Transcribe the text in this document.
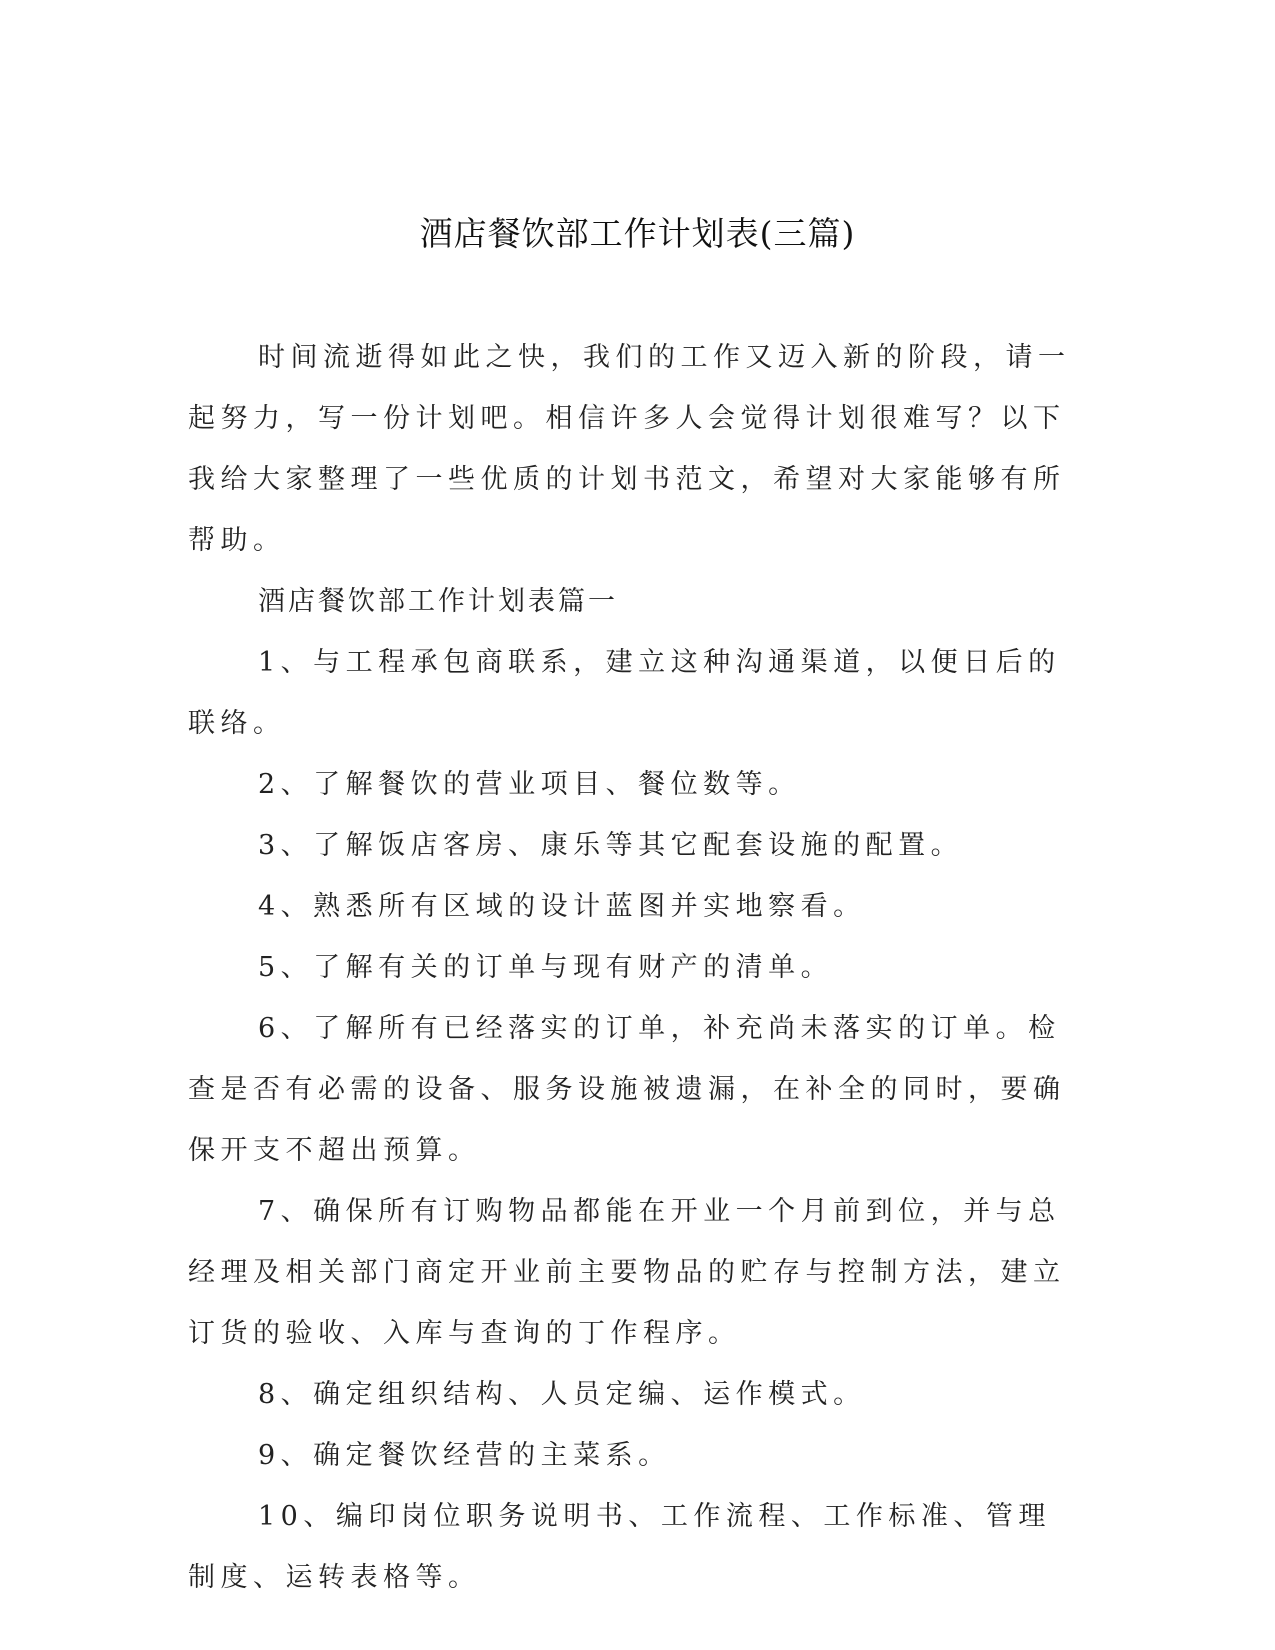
酒店餐饮部工作计划表(三篇)

时间流逝得如此之快，我们的工作又迈入新的阶段，请一起努力，写一份计划吧。相信许多人会觉得计划很难写？以下我给大家整理了一些优质的计划书范文，希望对大家能够有所帮助。

酒店餐饮部工作计划表篇一

1、与工程承包商联系，建立这种沟通渠道，以便日后的联络。

2、了解餐饮的营业项目、餐位数等。

3、了解饭店客房、康乐等其它配套设施的配置。

4、熟悉所有区域的设计蓝图并实地察看。

5、了解有关的订单与现有财产的清单。

6、了解所有已经落实的订单，补充尚未落实的订单。检查是否有必需的设备、服务设施被遗漏，在补全的同时，要确保开支不超出预算。

7、确保所有订购物品都能在开业一个月前到位，并与总经理及相关部门商定开业前主要物品的贮存与控制方法，建立订货的验收、入库与查询的丁作程序。

8、确定组织结构、人员定编、运作模式。

9、确定餐饮经营的主菜系。

10、编印岗位职务说明书、工作流程、工作标准、管理制度、运转表格等。
